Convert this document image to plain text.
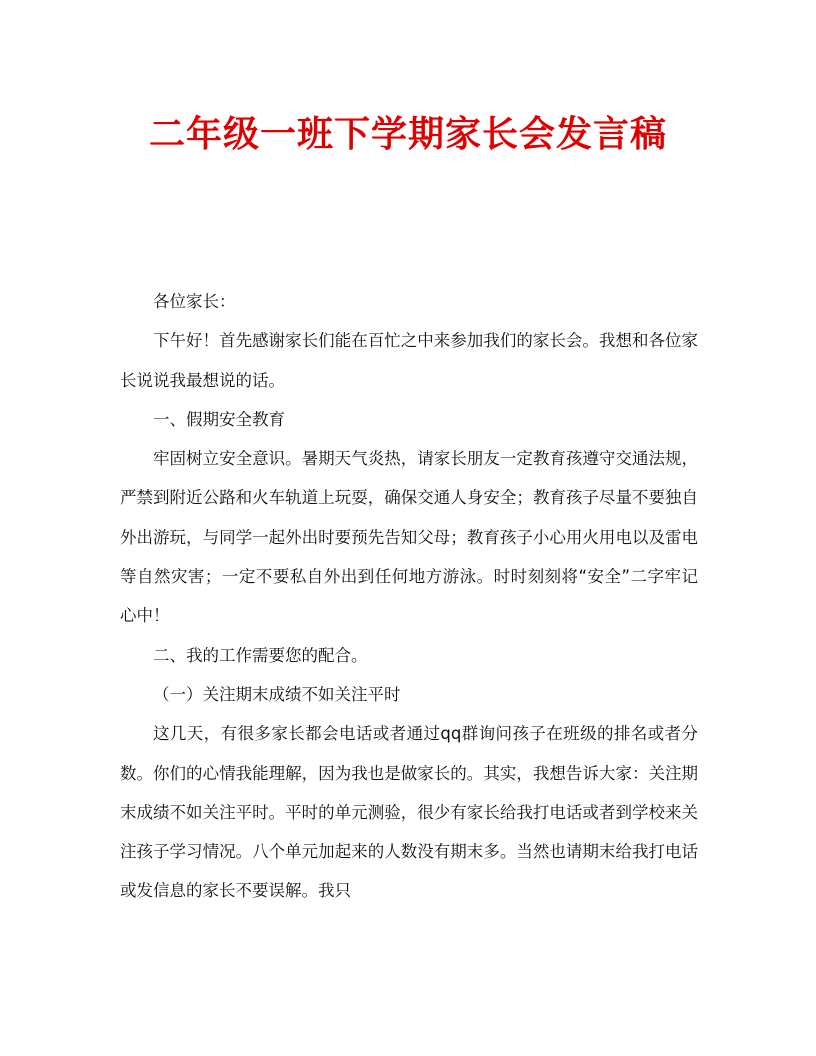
二年级一班下学期家长会发言稿

各位家长：

下午好！首先感谢家长们能在百忙之中来参加我们的家长会。我想和各位家长说说我最想说的话。

一、假期安全教育

牢固树立安全意识。暑期天气炎热，请家长朋友一定教育孩遵守交通法规，严禁到附近公路和火车轨道上玩耍，确保交通人身安全；教育孩子尽量不要独自外出游玩，与同学一起外出时要预先告知父母；教育孩子小心用火用电以及雷电等自然灾害；一定不要私自外出到任何地方游泳。时时刻刻将“安全”二字牢记心中！

二、我的工作需要您的配合。

（一）关注期末成绩不如关注平时

这几天，有很多家长都会电话或者通过qq群询问孩子在班级的排名或者分数。你们的心情我能理解，因为我也是做家长的。其实，我想告诉大家：关注期末成绩不如关注平时。平时的单元测验，很少有家长给我打电话或者到学校来关注孩子学习情况。八个单元加起来的人数没有期末多。当然也请期末给我打电话或发信息的家长不要误解。我只
